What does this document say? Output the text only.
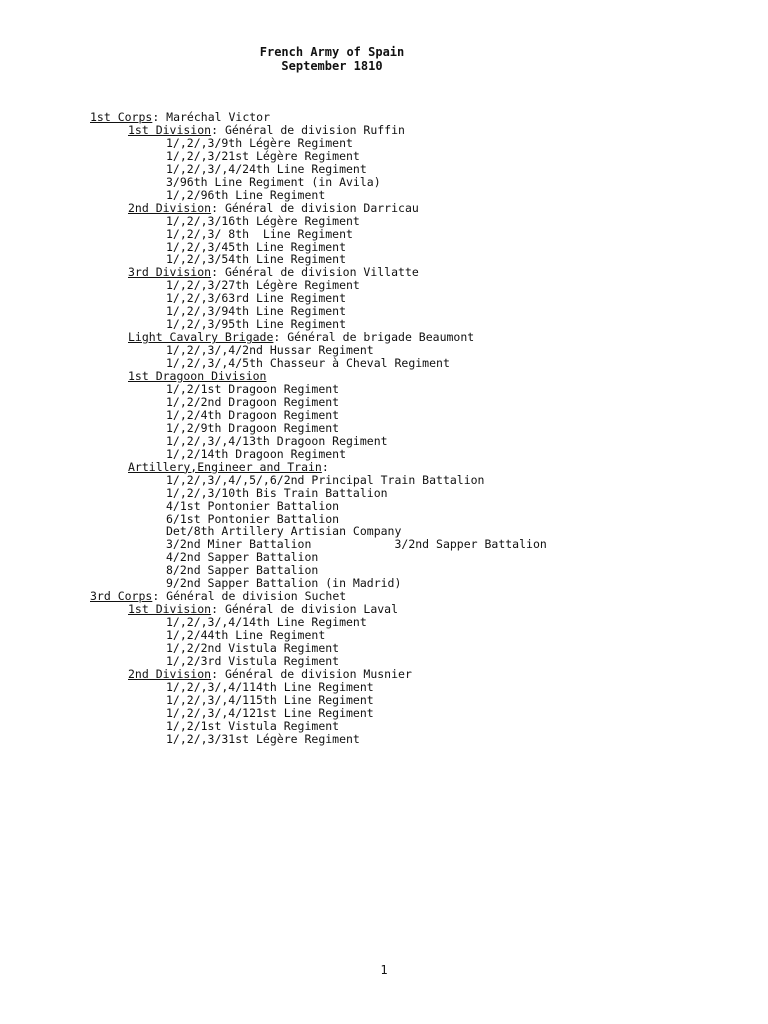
French Army of Spain
September 1810
1st Corps: Maréchal Victor
1st Division: Général de division Ruffin
1/,2/,3/9th Légère Regiment
1/,2/,3/21st Légère Regiment
1/,2/,3/,4/24th Line Regiment
3/96th Line Regiment (in Avila)
1/,2/96th Line Regiment
2nd Division: Général de division Darricau
1/,2/,3/16th Légère Regiment
1/,2/,3/ 8th  Line Regiment
1/,2/,3/45th Line Regiment
1/,2/,3/54th Line Regiment
3rd Division: Général de division Villatte
1/,2/,3/27th Légère Regiment
1/,2/,3/63rd Line Regiment
1/,2/,3/94th Line Regiment
1/,2/,3/95th Line Regiment
Light Cavalry Brigade: Général de brigade Beaumont
1/,2/,3/,4/2nd Hussar Regiment
1/,2/,3/,4/5th Chasseur à Cheval Regiment
1st Dragoon Division
1/,2/1st Dragoon Regiment
1/,2/2nd Dragoon Regiment
1/,2/4th Dragoon Regiment
1/,2/9th Dragoon Regiment
1/,2/,3/,4/13th Dragoon Regiment
1/,2/14th Dragoon Regiment
Artillery,Engineer and Train:
1/,2/,3/,4/,5/,6/2nd Principal Train Battalion
1/,2/,3/10th Bis Train Battalion
4/1st Pontonier Battalion
6/1st Pontonier Battalion
Det/8th Artillery Artisian Company
3/2nd Miner Battalion            3/2nd Sapper Battalion
4/2nd Sapper Battalion
8/2nd Sapper Battalion
9/2nd Sapper Battalion (in Madrid)
3rd Corps: Général de division Suchet
1st Division: Général de division Laval
1/,2/,3/,4/14th Line Regiment
1/,2/44th Line Regiment
1/,2/2nd Vistula Regiment
1/,2/3rd Vistula Regiment
2nd Division: Général de division Musnier
1/,2/,3/,4/114th Line Regiment
1/,2/,3/,4/115th Line Regiment
1/,2/,3/,4/121st Line Regiment
1/,2/1st Vistula Regiment
1/,2/,3/31st Légère Regiment
1
